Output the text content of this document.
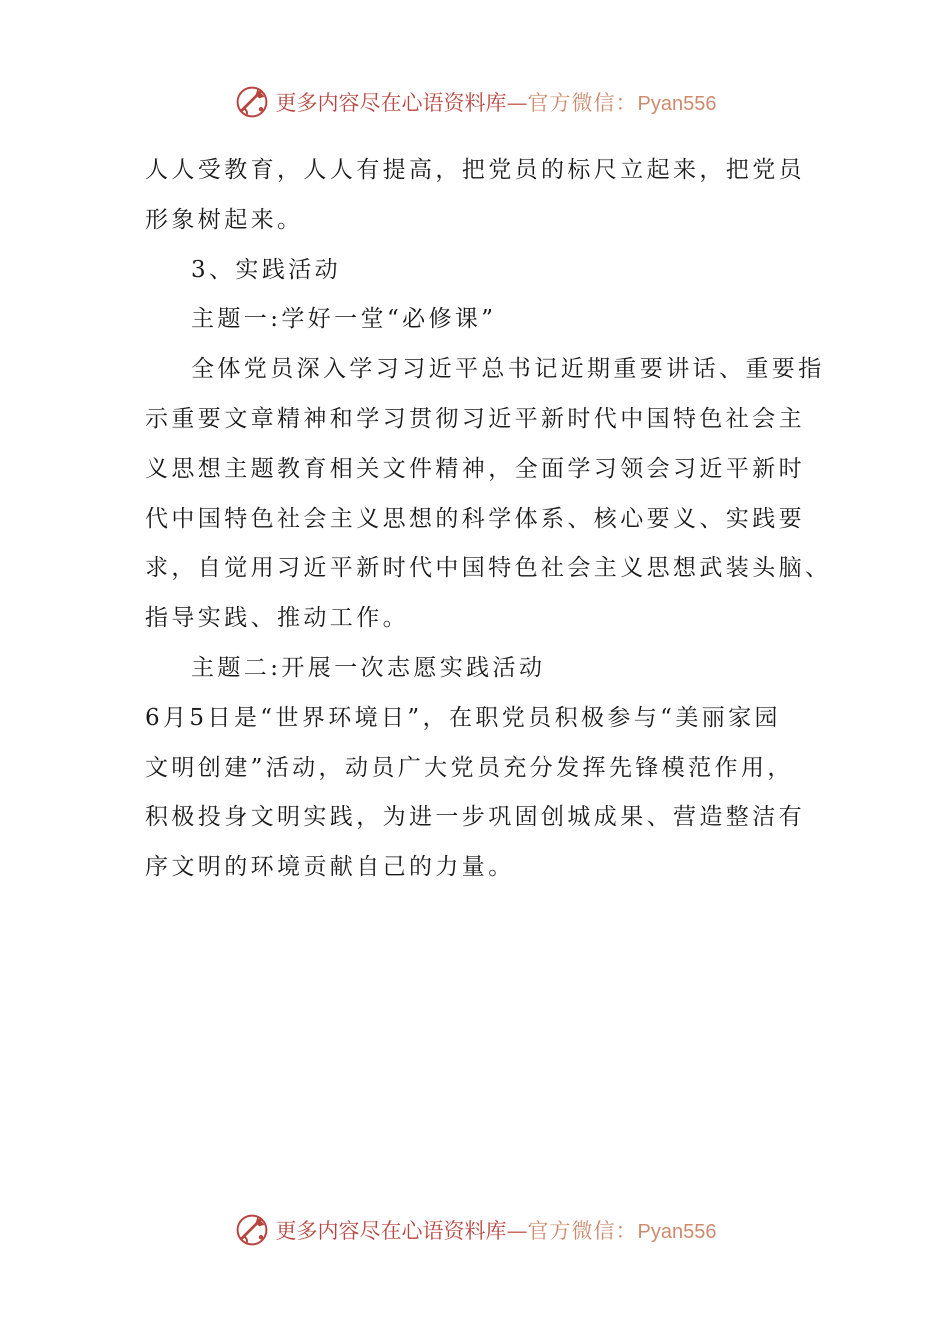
更多内容尽在心语资料库 — 官方微信： Pyan556
人人受教育，人人有提高，把党员的标尺立起来，把党员
形象树起来。
3、实践活动
主题一:学好一堂“必修课”
全体党员深入学习习近平总书记近期重要讲话、重要指
示重要文章精神和学习贯彻习近平新时代中国特色社会主
义思想主题教育相关文件精神，全面学习领会习近平新时
代中国特色社会主义思想的科学体系、核心要义、实践要
求，自觉用习近平新时代中国特色社会主义思想武装头脑、
指导实践、推动工作。
主题二:开展一次志愿实践活动
6月5日是“世界环境日”，在职党员积极参与“美丽家园
文明创建”活动，动员广大党员充分发挥先锋模范作用，
积极投身文明实践，为进一步巩固创城成果、营造整洁有
序文明的环境贡献自己的力量。
更多内容尽在心语资料库 — 官方微信： Pyan556
